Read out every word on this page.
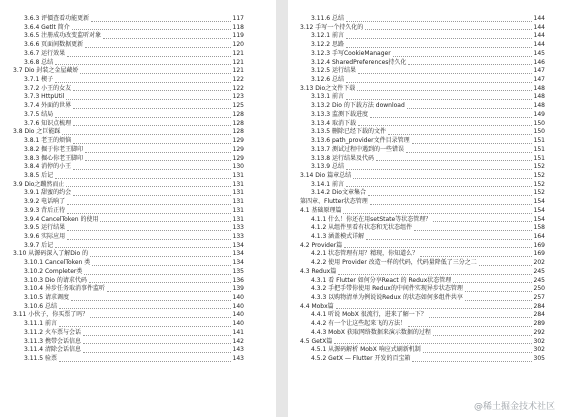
3.6.3 评價查看功能更新	117
3.6.4 Getlt 简介	118
3.6.5 注册成功改变监听对象	119
3.6.6 页面间数据更新	120
3.6.7 运行效果	121
3.6.8 总结	121
3.7 Dio 封装之金屋藏娇	121
3.7.1 楔子	122
3.7.2 小王的女友	122
3.7.3 HttpUtil	123
3.7.4 外面的世界	125
3.7.5 结局	128
3.7.6 知识点梳理	128
3.8 Dio 之巨能踩	128
3.8.1 老王的烦恼	129
3.8.2 掘于你老王脚印	129
3.8.3 掘心你老王脚印	129
3.8.4 消停的小王	130
3.8.5 后记	131
3.9 Dio之蹦然而止	131
3.9.1 甜蜜的约会	131
3.9.2 电话响了	131
3.9.3 背后正待	131
3.9.4 CancelToken 的使用	131
3.9.5 运行结果	133
3.9.6 实际应用	133
3.9.7 后记	134
3.10 从源码深入了解Dio 的	134
3.10.1 CancelToken 类	134
3.10.2 Completer类	135
3.10.3 Dio 的请求代码	136
3.10.4 异步任务取消事件监听	139
3.10.5 请求调度	140
3.10.6 总结	140
3.11 小伙子，你买票了吗？	140
3.11.1 前言	140
3.11.2 火车票与会话	141
3.11.3 携带会话信息	142
3.11.4 清除会话信息	143
3.11.5 验票	143
3.11.6 总结	144
3.12 手写一个持久化的	144
3.12.1 前言	144
3.12.2 思路	144
3.12.3 手写CookieManager	145
3.12.4 SharedPreferences持久化	146
3.12.5 运行结果	147
3.12.6 总结	147
3.13 Dio之文件下载	148
3.13.1 前言	148
3.13.2 Dio 的下载方法 download	148
3.13.3 监测下载进度	149
3.13.4 取消下载	150
3.13.5 删除已经下载的文件	150
3.13.6 path_provider文件目录管理	151
3.13.7 测试过程中遇到的一些错误	151
3.13.8 运行结果及代码	151
3.13.9 总结	152
3.14 Dio 篇章总结	152
3.14.1 前言	152
3.14.2 Dio文章集合	152
第四章、Flutter状态管理	154
4.1 基础原理篇	154
4.1.1 什么！你还在用setState等状态管理？	154
4.1.2 从组件里看有状态和无状态组件	158
4.1.3 涵盖模式详解	164
4.2 Provider篇	169
4.2.1 状态管理有用？精现，你知道么？	169
4.2.2 使用 Provider 改造一样的代码，代码量降低了三分之二	202
4.3 Redux篇	245
4.3.1 看 Flutter 如何分享React 的 Redux状态管理	245
4.3.2 手把手带你使用 Redux的中间件实现异步状态管理	250
4.3.3 以购物清单为例说说Redux 的状态如何多组件共享	257
4.4 Mobx篇	284
4.4.1 听说 MobX 很流行，进来了解一下？	284
4.4.2 有一个让这些起来飞的方法！	289
4.4.3 MobX 获取网络数据来演示数据的过程	292
4.5 GetX篇	302
4.5.1 从源码解析 MobX 响应式刷新机制	302
4.5.2 GetX — Flutter 开发的百宝箱	305
@稀土掘金技术社区
